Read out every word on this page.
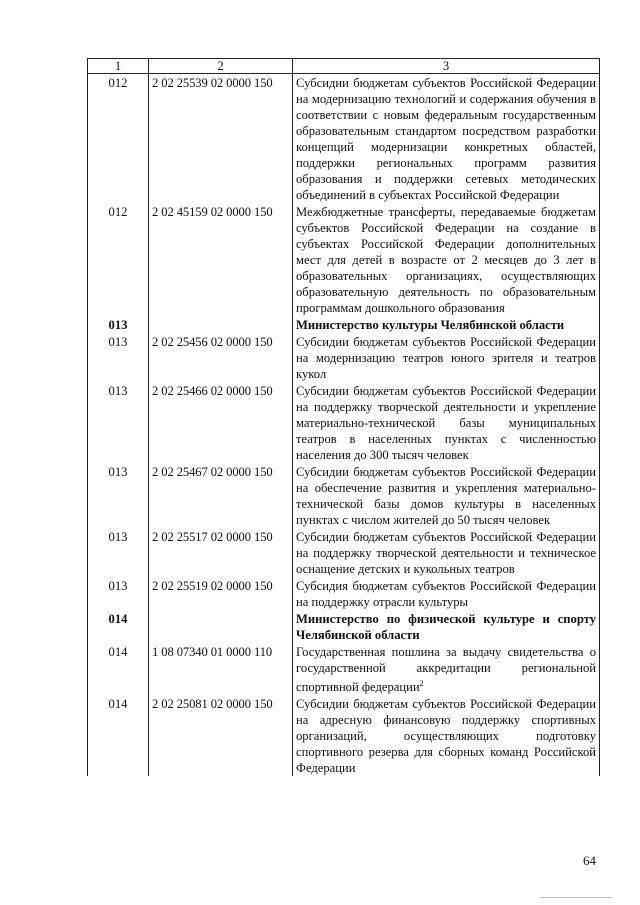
1	2	3
012	2 02 25539 02 0000 150	Субсидии бюджетам субъектов Российской Федерации на модернизацию технологий и содержания обучения в соответствии с новым федеральным государственным образовательным стандартом посредством разработки концепций модернизации конкретных областей, поддержки региональных программ развития образования и поддержки сетевых методических объединений в субъектах Российской Федерации
012	2 02 45159 02 0000 150	Межбюджетные трансферты, передаваемые бюджетам субъектов Российской Федерации на создание в субъектах Российской Федерации дополнительных мест для детей в возрасте от 2 месяцев до 3 лет в образовательных организациях, осуществляющих образовательную деятельность по образовательным программам дошкольного образования
013		Министерство культуры Челябинской области
013	2 02 25456 02 0000 150	Субсидии бюджетам субъектов Российской Федерации на модернизацию театров юного зрителя и театров кукол
013	2 02 25466 02 0000 150	Субсидии бюджетам субъектов Российской Федерации на поддержку творческой деятельности и укрепление материально-технической базы муниципальных театров в населенных пунктах с численностью населения до 300 тысяч человек
013	2 02 25467 02 0000 150	Субсидии бюджетам субъектов Российской Федерации на обеспечение развития и укрепления материально-технической базы домов культуры в населенных пунктах с числом жителей до 50 тысяч человек
013	2 02 25517 02 0000 150	Субсидии бюджетам субъектов Российской Федерации на поддержку творческой деятельности и техническое оснащение детских и кукольных театров
013	2 02 25519 02 0000 150	Субсидия бюджетам субъектов Российской Федерации на поддержку отрасли культуры
014		Министерство по физической культуре и спорту Челябинской области
014	1 08 07340 01 0000 110	Государственная пошлина за выдачу свидетельства о государственной аккредитации региональной спортивной федерации$^2$
014	2 02 25081 02 0000 150	Субсидии бюджетам субъектов Российской Федерации на адресную финансовую поддержку спортивных организаций, осуществляющих подготовку спортивного резерва для сборных команд Российской Федерации
64
